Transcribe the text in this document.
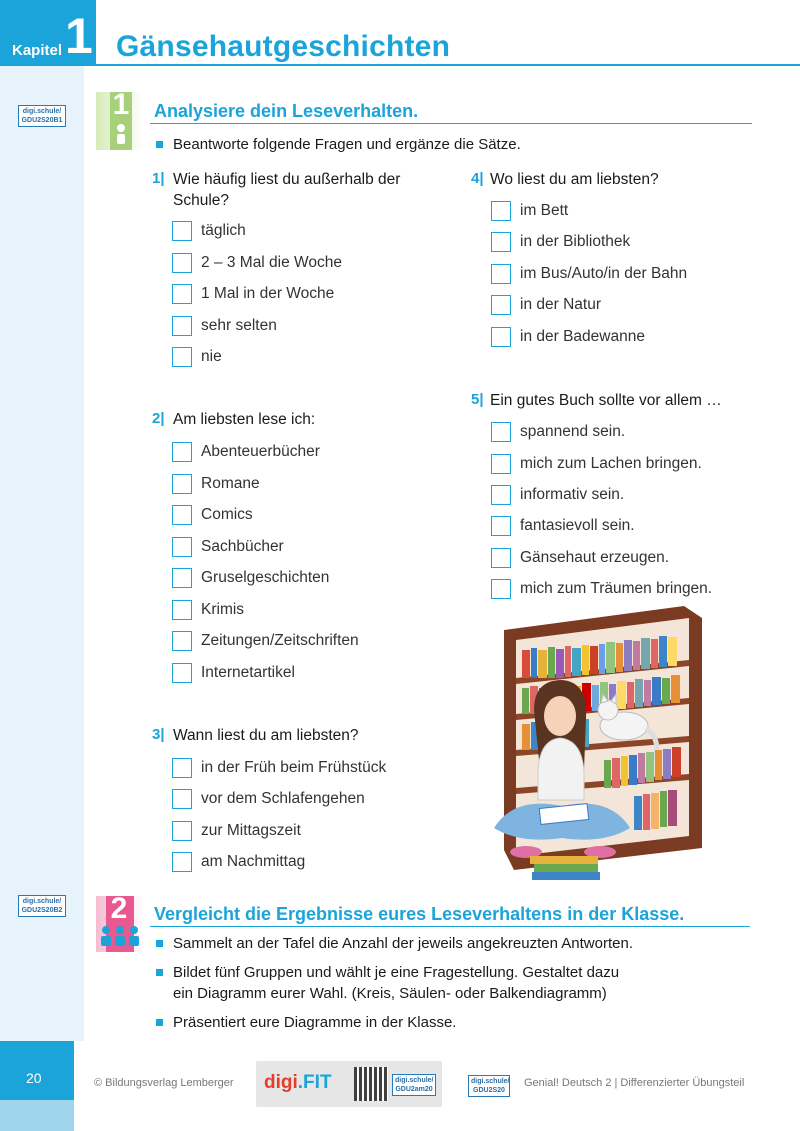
Kapitel 1 Gänsehautgeschichten
digi.schule/
GDU2S20B1	1	Analysiere dein Leseverhalten.
Beantworte folgende Fragen und ergänze die Sätze.
1| Wie häufig liest du außerhalb der
Schule?
täglich
2 – 3 Mal die Woche
1 Mal in der Woche
sehr selten
nie
2| Am liebsten lese ich:
Abenteuerbücher
Romane
Comics
Sachbücher
Gruselgeschichten
Krimis
Zeitungen/Zeitschriften
Internetartikel
3| Wann liest du am liebsten?
in der Früh beim Frühstück
vor dem Schlafengehen
zur Mittagszeit
am Nachmittag
4| Wo liest du am liebsten?
im Bett
in der Bibliothek
im Bus/Auto/in der Bahn
in der Natur
in der Badewanne
5| Ein gutes Buch sollte vor allem …
spannend sein.
mich zum Lachen bringen.
informativ sein.
fantasievoll sein.
Gänsehaut erzeugen.
mich zum Träumen bringen.
digi.schule/
GDU2S20B2	2	Vergleicht die Ergebnisse eures Leseverhaltens in der Klasse.
Sammelt an der Tafel die Anzahl der jeweils angekreuzten Antworten.
Bildet fünf Gruppen und wählt je eine Fragestellung. Gestaltet dazu
ein Diagramm eurer Wahl. (Kreis, Säulen- oder Balkendiagramm)
Präsentiert eure Diagramme in der Klasse.
20	© Bildungsverlag Lemberger digi.FIT	digi.schule/
GDU2am20
digi.schule/
GDU2S20
Genial! Deutsch 2 | Differenzierter Übungsteil
